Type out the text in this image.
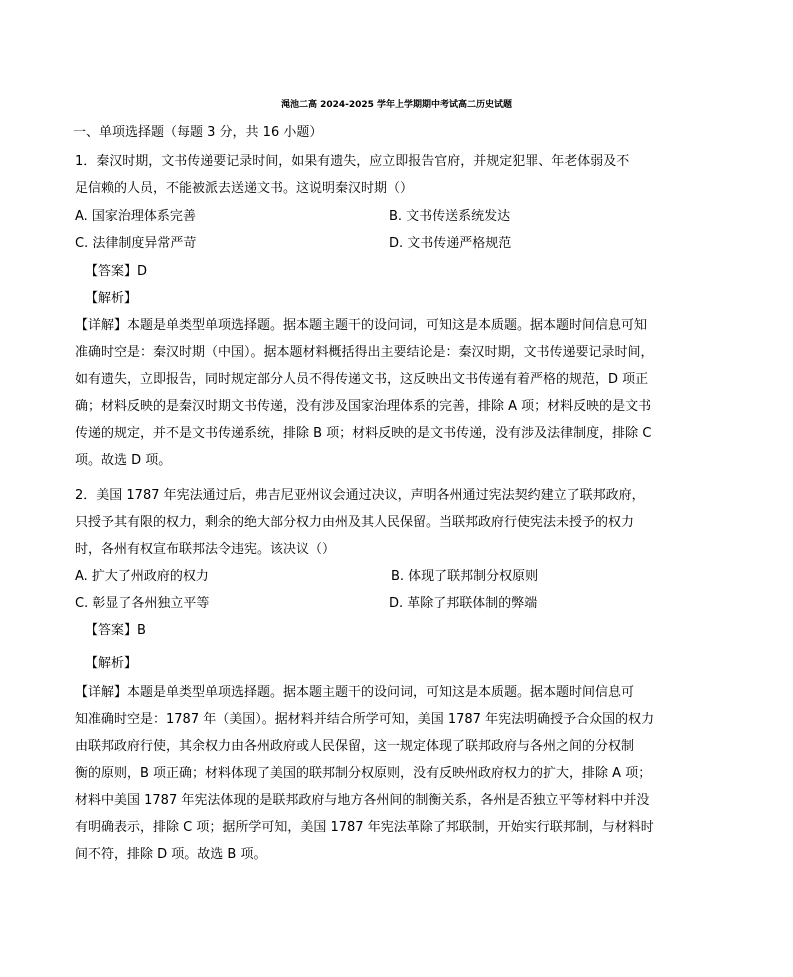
渑池二高 2024-2025 学年上学期期中考试高二历史试题
一、单项选择题（每题 3 分，共 16 小题）
1．秦汉时期，文书传递要记录时间，如果有遗失，应立即报告官府，并规定犯罪、年老体弱及不
足信赖的人员，不能被派去送递文书。这说明秦汉时期（）
A. 国家治理体系完善	B. 文书传送系统发达
C. 法律制度异常严苛	D. 文书传递严格规范
【答案】D
【解析】
【详解】本题是单类型单项选择题。据本题主题干的设问词，可知这是本质题。据本题时间信息可知
准确时空是：秦汉时期（中国）。据本题材料概括得出主要结论是：秦汉时期，文书传递要记录时间，
如有遗失，立即报告，同时规定部分人员不得传递文书，这反映出文书传递有着严格的规范，D 项正
确；材料反映的是秦汉时期文书传递，没有涉及国家治理体系的完善，排除 A 项；材料反映的是文书
传递的规定，并不是文书传递系统，排除 B 项；材料反映的是文书传递，没有涉及法律制度，排除 C
项。故选 D 项。
2．美国 1787 年宪法通过后，弗吉尼亚州议会通过决议，声明各州通过宪法契约建立了联邦政府，
只授予其有限的权力，剩余的绝大部分权力由州及其人民保留。当联邦政府行使宪法未授予的权力
时，各州有权宣布联邦法令违宪。该决议（）
A. 扩大了州政府的权力	B. 体现了联邦制分权原则
C. 彰显了各州独立平等	D. 革除了邦联体制的弊端
【答案】B
【解析】
【详解】本题是单类型单项选择题。据本题主题干的设问词，可知这是本质题。据本题时间信息可
知准确时空是：1787 年（美国）。据材料并结合所学可知，美国 1787 年宪法明确授予合众国的权力
由联邦政府行使，其余权力由各州政府或人民保留，这一规定体现了联邦政府与各州之间的分权制
衡的原则，B 项正确；材料体现了美国的联邦制分权原则，没有反映州政府权力的扩大，排除 A 项；
材料中美国 1787 年宪法体现的是联邦政府与地方各州间的制衡关系，各州是否独立平等材料中并没
有明确表示，排除 C 项；据所学可知，美国 1787 年宪法革除了邦联制，开始实行联邦制，与材料时
间不符，排除 D 项。故选 B 项。
